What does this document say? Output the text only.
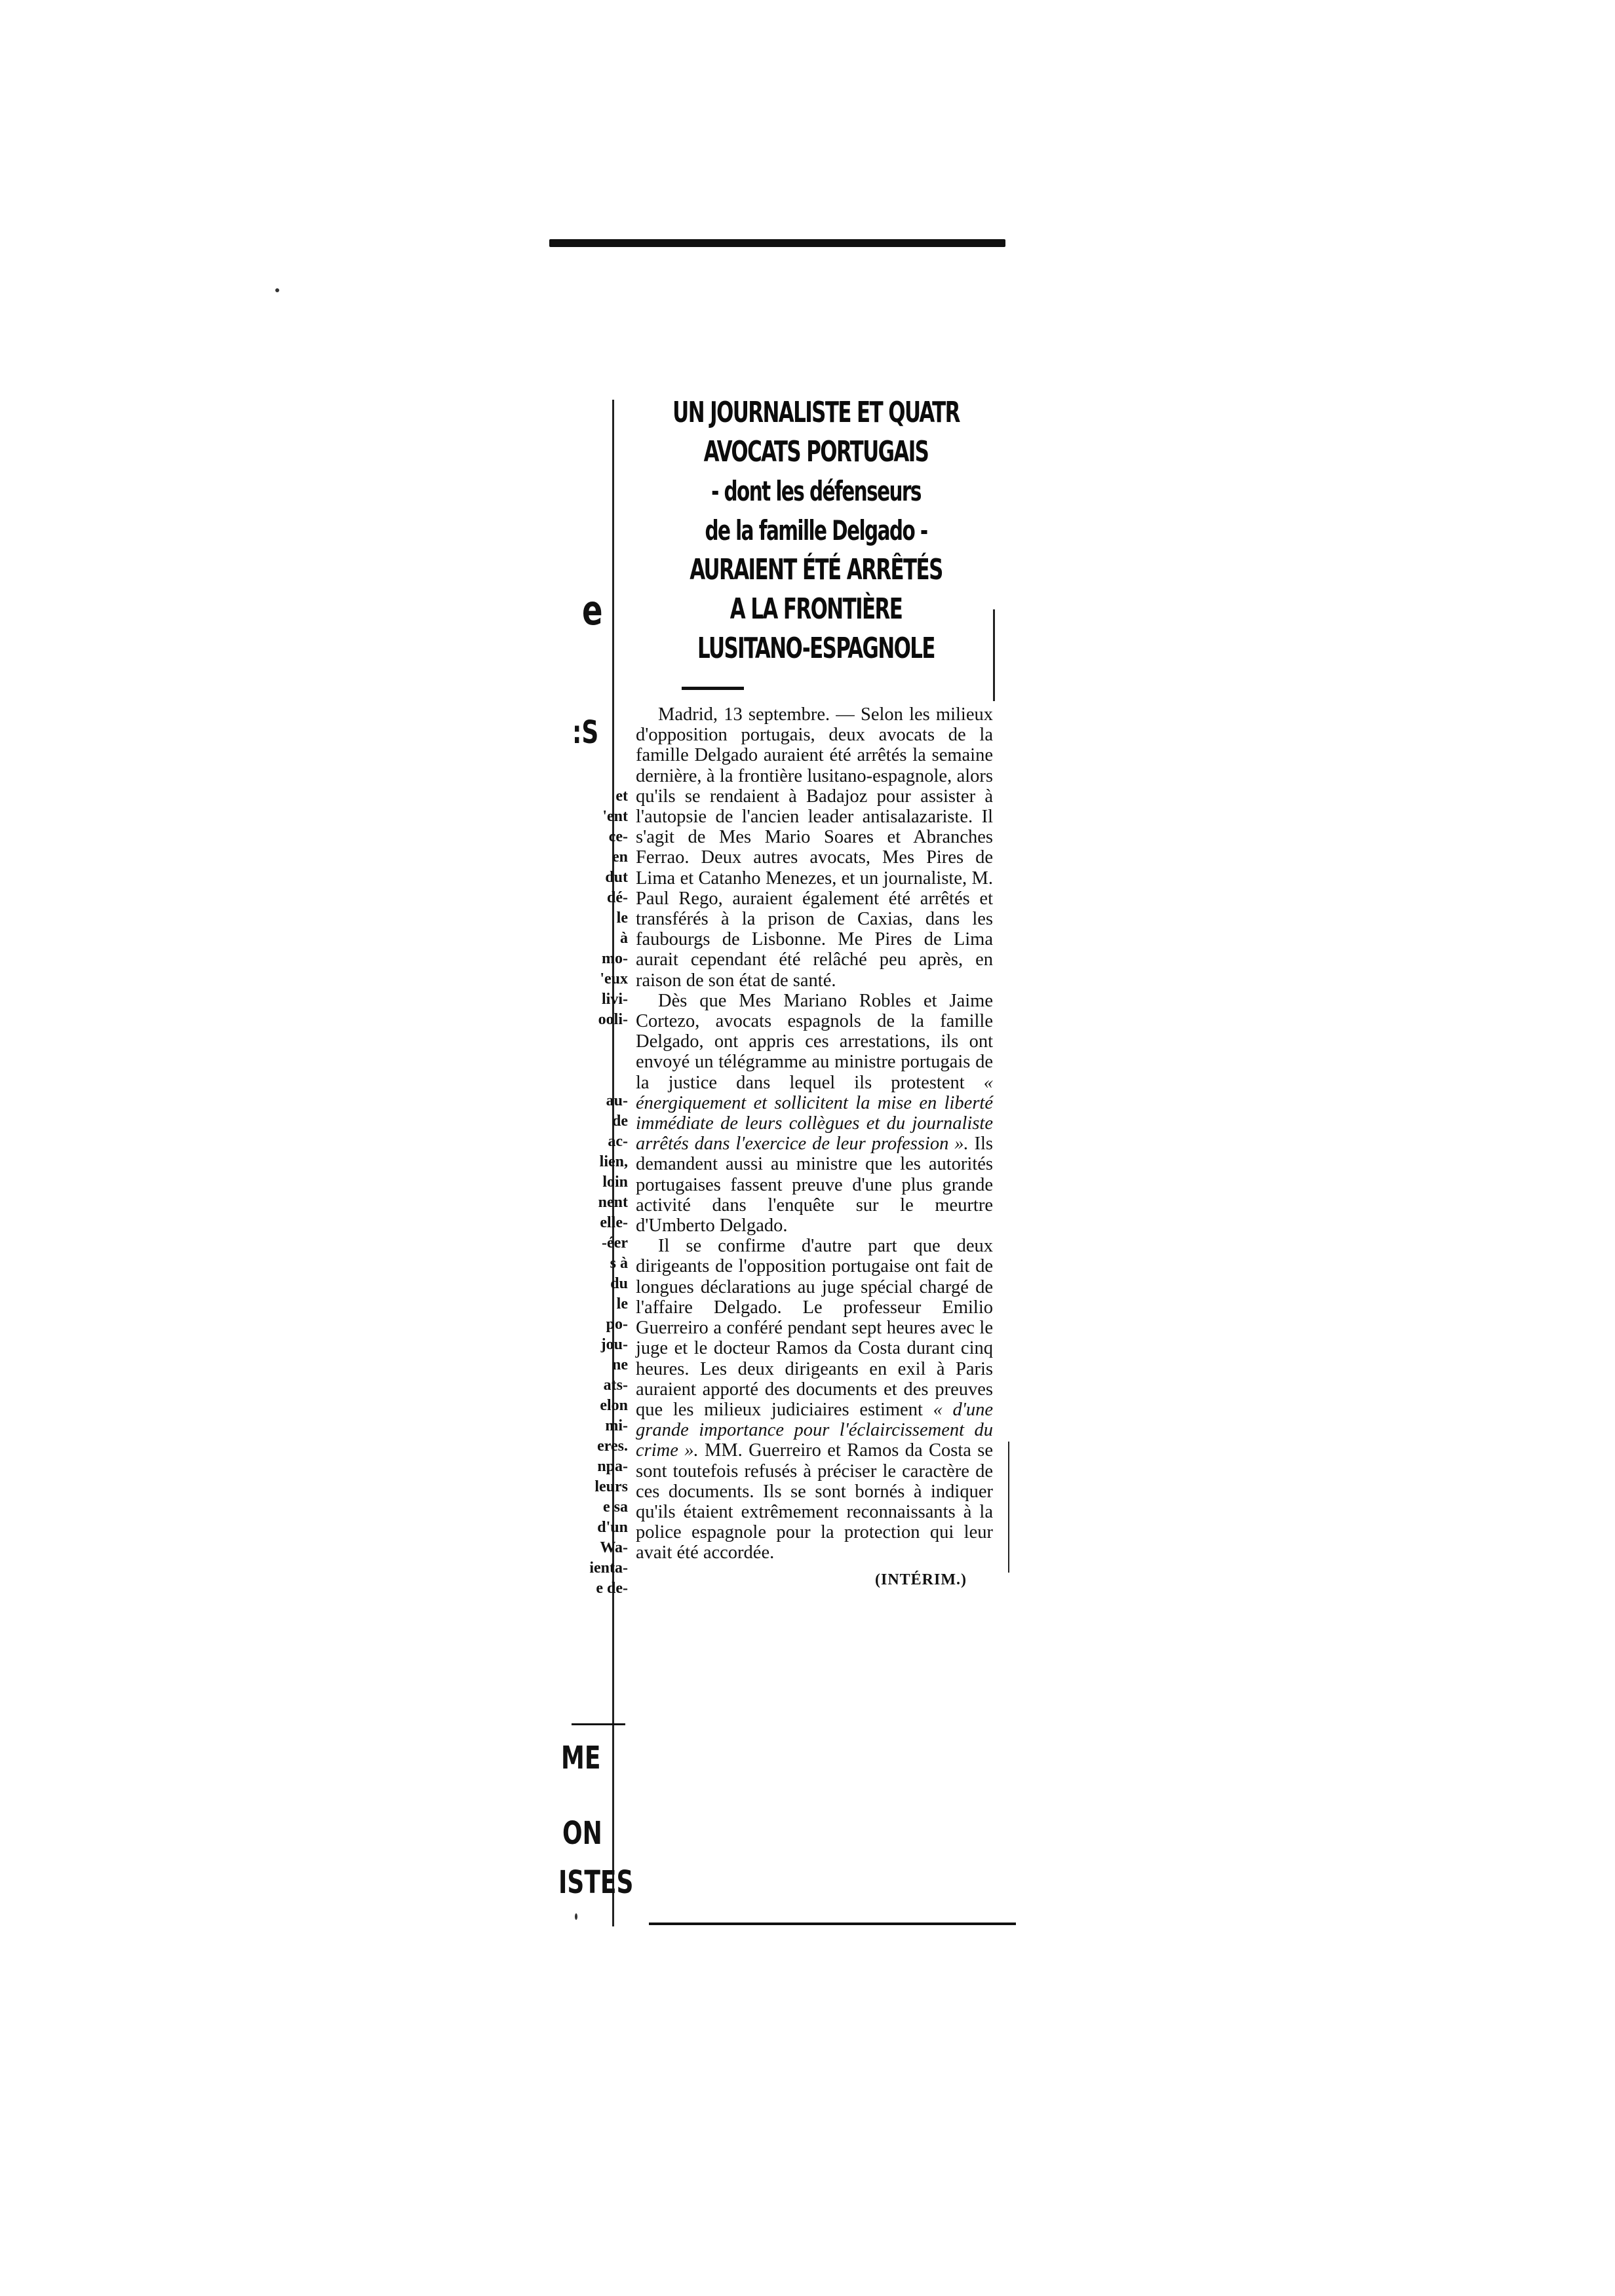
UN JOURNALISTE ET QUATR
AVOCATS PORTUGAIS
- dont les défenseurs
de la famille Delgado -
AURAIENT ÉTÉ ARRÊTÉS
A LA FRONTIÈRE
LUSITANO-ESPAGNOLE

Madrid, 13 septembre. — Selon les milieux d'opposition portugais, deux avocats de la famille Delgado auraient été arrêtés la semaine dernière, à la frontière lusitano-espagnole, alors qu'ils se rendaient à Badajoz pour assister à l'autopsie de l'ancien leader antisalazariste. Il s'agit de Mes Mario Soares et Abranches Ferrao. Deux autres avocats, Mes Pires de Lima et Catanho Menezes, et un journaliste, M. Paul Rego, auraient également été arrêtés et transférés à la prison de Caxias, dans les faubourgs de Lisbonne. Me Pires de Lima aurait cependant été relâché peu après, en raison de son état de santé.

Dès que Mes Mariano Robles et Jaime Cortezo, avocats espagnols de la famille Delgado, ont appris ces arrestations, ils ont envoyé un télégramme au ministre portugais de la justice dans lequel ils protestent « énergiquement et sollicitent la mise en liberté immédiate de leurs collègues et du journaliste arrêtés dans l'exercice de leur profession ». Ils demandent aussi au ministre que les autorités portugaises fassent preuve d'une plus grande activité dans l'enquête sur le meurtre d'Umberto Delgado.

Il se confirme d'autre part que deux dirigeants de l'opposition portugaise ont fait de longues déclarations au juge spécial chargé de l'affaire Delgado. Le professeur Emilio Guerreiro a conféré pendant sept heures avec le juge et le docteur Ramos da Costa durant cinq heures. Les deux dirigeants en exil à Paris auraient apporté des documents et des preuves que les milieux judiciaires estiment « d'une grande importance pour l'éclaircissement du crime ». MM. Guerreiro et Ramos da Costa se sont toutefois refusés à préciser le caractère de ces documents. Ils se sont bornés à indiquer qu'ils étaient extrêmement reconnaissants à la police espagnole pour la protection qui leur avait été accordée.

(INTÉRIM.)
e
:S
et
'ent
ce-
en
dut
dé-
le
à
mo-
'eux
livi-
ooli-
au-
de
ac-
lien,
loin
nent
elle-
-éer
s à
du
le
po-
jou-
ne
ats-
elon
mi-
eres.
npa-
leurs
e sa
d'un
Wa-
ienta-
e de-
ME
ON
ISTES
